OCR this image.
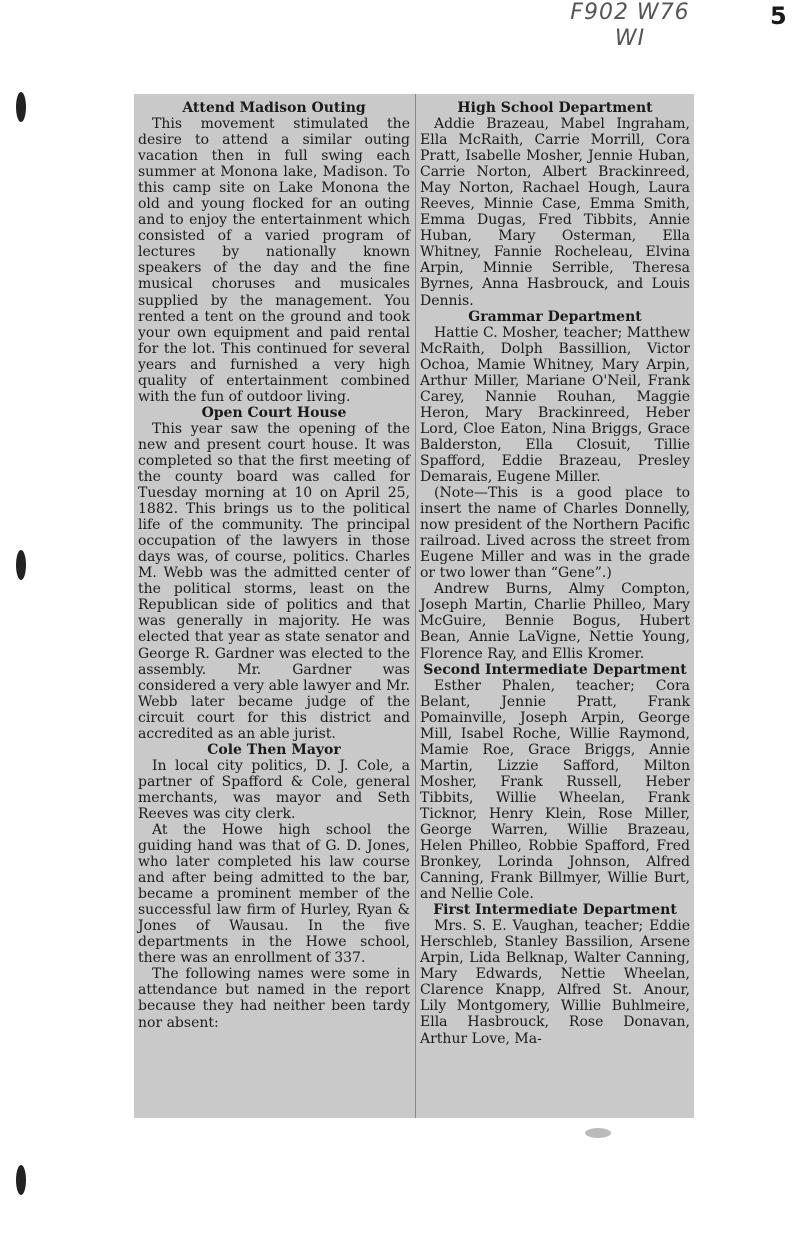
5
F902 W76 WI
Attend Madison Outing

This movement stimulated the desire to attend a similar outing vacation then in full swing each summer at Monona lake, Madison. To this camp site on Lake Monona the old and young flocked for an outing and to enjoy the entertainment which consisted of a varied program of lectures by nationally known speakers of the day and the fine musical choruses and musicales supplied by the management. You rented a tent on the ground and took your own equipment and paid rental for the lot. This continued for several years and furnished a very high quality of entertainment combined with the fun of outdoor living.

Open Court House

This year saw the opening of the new and present court house. It was completed so that the first meeting of the county board was called for Tuesday morning at 10 on April 25, 1882. This brings us to the political life of the community. The principal occupation of the lawyers in those days was, of course, politics. Charles M. Webb was the admitted center of the political storms, least on the Republican side of politics and that was generally in majority. He was elected that year as state senator and George R. Gardner was elected to the assembly. Mr. Gardner was considered a very able lawyer and Mr. Webb later became judge of the circuit court for this district and accredited as an able jurist.

Cole Then Mayor

In local city politics, D. J. Cole, a partner of Spafford & Cole, general merchants, was mayor and Seth Reeves was city clerk.

At the Howe high school the guiding hand was that of G. D. Jones, who later completed his law course and after being admitted to the bar, became a prominent member of the successful law firm of Hurley, Ryan & Jones of Wausau. In the five departments in the Howe school, there was an enrollment of 337.

The following names were some in attendance but named in the report because they had neither been tardy nor absent:

High School Department

Addie Brazeau, Mabel Ingraham, Ella McRaith, Carrie Morrill, Cora Pratt, Isabelle Mosher, Jennie Huban, Carrie Norton, Albert Brackinreed, May Norton, Rachael Hough, Laura Reeves, Minnie Case, Emma Smith, Emma Dugas, Fred Tibbits, Annie Huban, Mary Osterman, Ella Whitney, Fannie Rocheleau, Elvina Arpin, Minnie Serrible, Theresa Byrnes, Anna Hasbrouck, and Louis Dennis.

Grammar Department

Hattie C. Mosher, teacher; Matthew McRaith, Dolph Bassillion, Victor Ochoa, Mamie Whitney, Mary Arpin, Arthur Miller, Mariane O'Neil, Frank Carey, Nannie Rouhan, Maggie Heron, Mary Brackinreed, Heber Lord, Cloe Eaton, Nina Briggs, Grace Balderston, Ella Closuit, Tillie Spafford, Eddie Brazeau, Presley Demarais, Eugene Miller.

(Note—This is a good place to insert the name of Charles Donnelly, now president of the Northern Pacific railroad. Lived across the street from Eugene Miller and was in the grade or two lower than “Gene”.)

Andrew Burns, Almy Compton, Joseph Martin, Charlie Philleo, Mary McGuire, Bennie Bogus, Hubert Bean, Annie LaVigne, Nettie Young, Florence Ray, and Ellis Kromer.

Second Intermediate Department

Esther Phalen, teacher; Cora Belant, Jennie Pratt, Frank Pomainville, Joseph Arpin, George Mill, Isabel Roche, Willie Raymond, Mamie Roe, Grace Briggs, Annie Martin, Lizzie Safford, Milton Mosher, Frank Russell, Heber Tibbits, Willie Wheelan, Frank Ticknor, Henry Klein, Rose Miller, George Warren, Willie Brazeau, Helen Philleo, Robbie Spafford, Fred Bronkey, Lorinda Johnson, Alfred Canning, Frank Billmyer, Willie Burt, and Nellie Cole.

First Intermediate Department

Mrs. S. E. Vaughan, teacher; Eddie Herschleb, Stanley Bassilion, Arsene Arpin, Lida Belknap, Walter Canning, Mary Edwards, Nettie Wheelan, Clarence Knapp, Alfred St. Anour, Lily Montgomery, Willie Buhlmeire, Ella Hasbrouck, Rose Donavan, Arthur Love, Ma-
